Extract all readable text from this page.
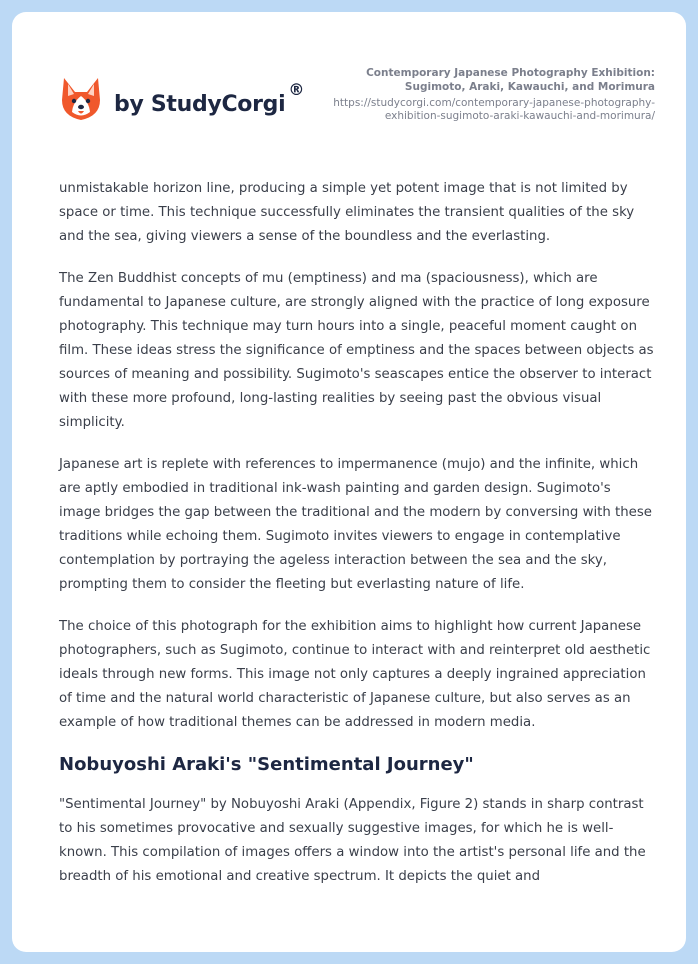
by StudyCorgi
®
Contemporary Japanese Photography Exhibition:
Sugimoto, Araki, Kawauchi, and Morimura
https://studycorgi.com/contemporary-japanese-photography-
exhibition-sugimoto-araki-kawauchi-and-morimura/

unmistakable horizon line, producing a simple yet potent image that is not limited by space or time. This technique successfully eliminates the transient qualities of the sky and the sea, giving viewers a sense of the boundless and the everlasting.

The Zen Buddhist concepts of mu (emptiness) and ma (spaciousness), which are fundamental to Japanese culture, are strongly aligned with the practice of long exposure photography. This technique may turn hours into a single, peaceful moment caught on film. These ideas stress the significance of emptiness and the spaces between objects as sources of meaning and possibility. Sugimoto's seascapes entice the observer to interact with these more profound, long-lasting realities by seeing past the obvious visual simplicity.

Japanese art is replete with references to impermanence (mujo) and the infinite, which are aptly embodied in traditional ink-wash painting and garden design. Sugimoto's image bridges the gap between the traditional and the modern by conversing with these traditions while echoing them. Sugimoto invites viewers to engage in contemplative contemplation by portraying the ageless interaction between the sea and the sky, prompting them to consider the fleeting but everlasting nature of life.

The choice of this photograph for the exhibition aims to highlight how current Japanese photographers, such as Sugimoto, continue to interact with and reinterpret old aesthetic ideals through new forms. This image not only captures a deeply ingrained appreciation of time and the natural world characteristic of Japanese culture, but also serves as an example of how traditional themes can be addressed in modern media.

Nobuyoshi Araki's "Sentimental Journey"

"Sentimental Journey" by Nobuyoshi Araki (Appendix, Figure 2) stands in sharp contrast to his sometimes provocative and sexually suggestive images, for which he is well-known. This compilation of images offers a window into the artist's personal life and the breadth of his emotional and creative spectrum. It depicts the quiet and
